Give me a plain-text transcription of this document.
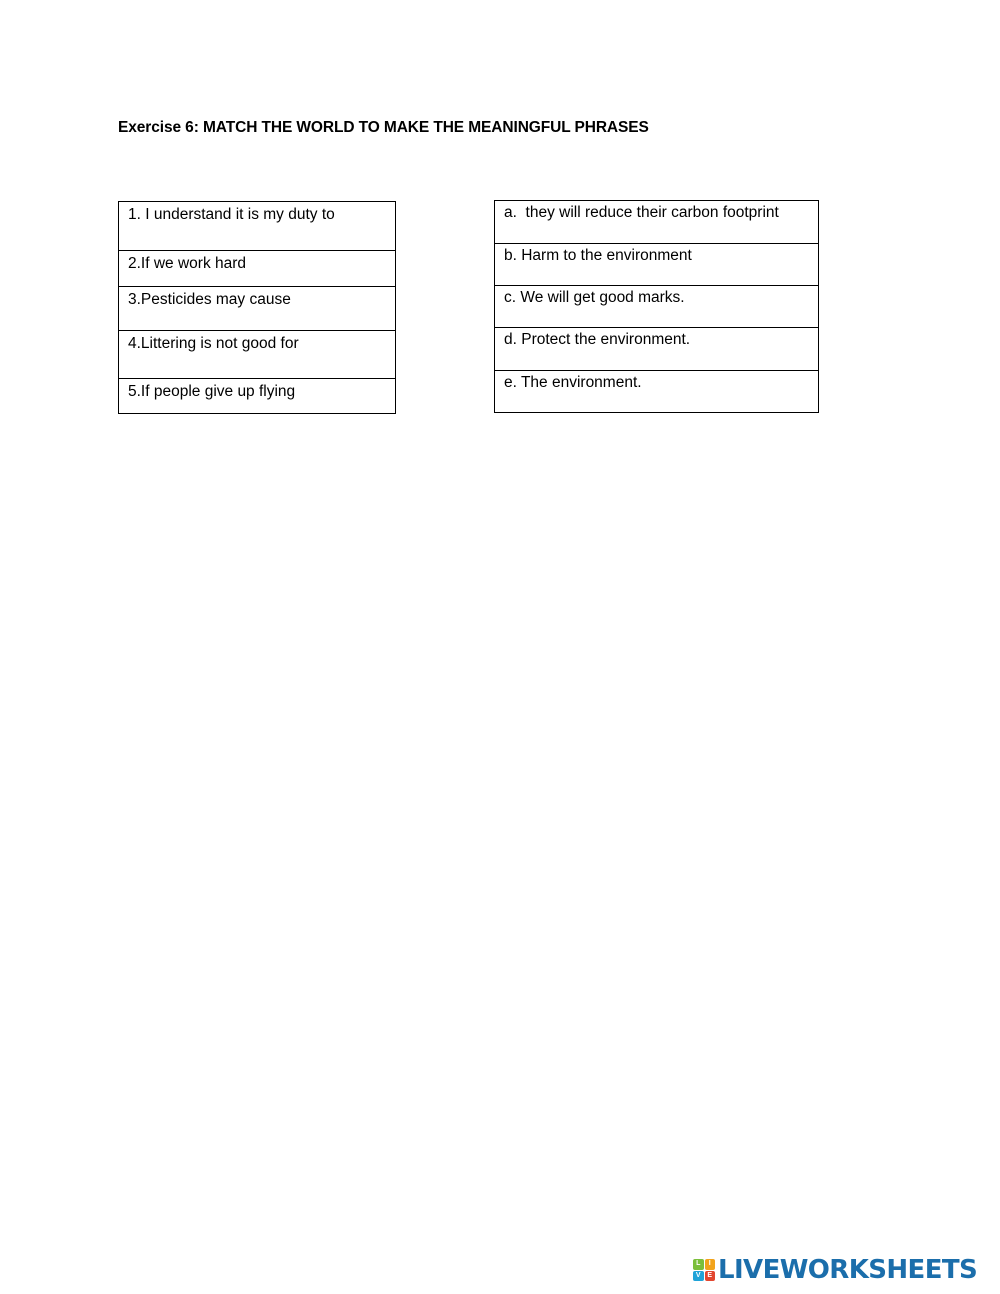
Exercise 6: MATCH THE WORLD TO MAKE THE MEANINGFUL PHRASES
1. I understand it is my duty to
2.If we work hard
3.Pesticides may cause
4.Littering is not good for
5.If people give up flying
a.  they will reduce their carbon footprint
b. Harm to the environment
c. We will get good marks.
d. Protect the environment.
e. The environment.
L	I
V E LIVEWORKSHEETS
